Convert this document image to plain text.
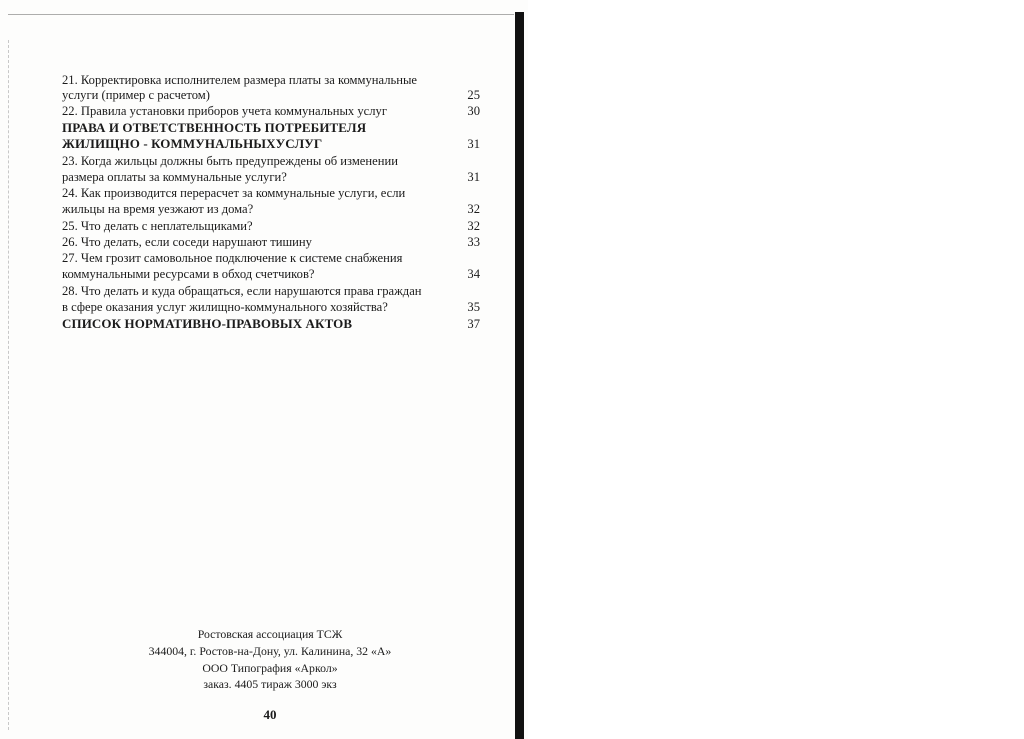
21. Корректировка исполнителем размера платы за коммунальные
услуги (пример с расчетом)	25
22. Правила установки приборов учета коммунальных услуг	30
ПРАВА И ОТВЕТСТВЕННОСТЬ ПОТРЕБИТЕЛЯ
ЖИЛИЩНО - КОММУНАЛЬНЫХУСЛУГ	31
23. Когда жильцы должны быть предупреждены об изменении
размера оплаты за коммунальные услуги?	31
24. Как производится перерасчет за коммунальные услуги, если
жильцы на время уезжают из дома?	32
25. Что делать с неплательщиками?	32
26. Что делать, если соседи нарушают тишину	33
27. Чем грозит самовольное подключение к системе снабжения
коммунальными ресурсами в обход счетчиков?	34
28. Что делать и куда обращаться, если нарушаются права граждан
в сфере оказания услуг жилищно-коммунального хозяйства?	35
СПИСОК НОРМАТИВНО-ПРАВОВЫХ АКТОВ	37
Ростовская ассоциация ТСЖ
344004, г. Ростов-на-Дону, ул. Калинина, 32 «А»
ООО Типография «Аркол»
заказ. 4405 тираж 3000 экз
40
